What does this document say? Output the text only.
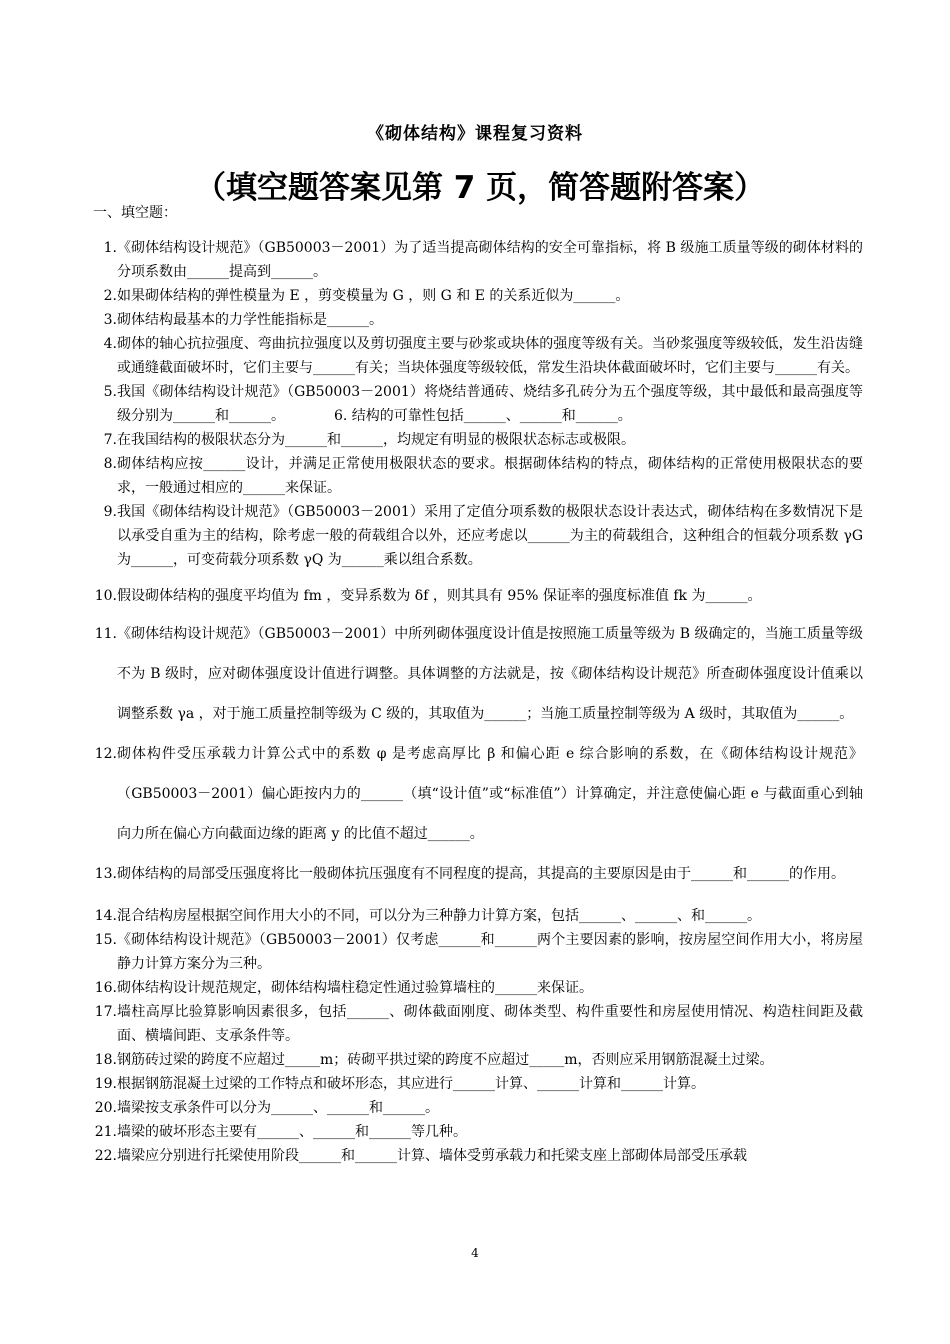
《砌体结构》课程复习资料
（填空题答案见第 7 页，简答题附答案）
一、填空题：
1. 《砌体结构设计规范》（GB50003－2001）为了适当提高砌体结构的安全可靠指标，将 B 级施工质量等级的砌体材料的分项系数由______提高到______。
2. 如果砌体结构的弹性模量为 E ，剪变模量为 G ，则 G 和 E 的关系近似为______。
3. 砌体结构最基本的力学性能指标是______。
4. 砌体的轴心抗拉强度、弯曲抗拉强度以及剪切强度主要与砂浆或块体的强度等级有关。当砂浆强度等级较低，发生沿齿缝或通缝截面破坏时，它们主要与______有关；当块体强度等级较低，常发生沿块体截面破坏时，它们主要与______有关。
5. 我国《砌体结构设计规范》（GB50003－2001）将烧结普通砖、烧结多孔砖分为五个强度等级，其中最低和最高强度等级分别为______和______。　　　　6. 结构的可靠性包括______、______和______。
7. 在我国结构的极限状态分为______和______，均规定有明显的极限状态标志或极限。
8. 砌体结构应按______设计，并满足正常使用极限状态的要求。根据砌体结构的特点，砌体结构的正常使用极限状态的要求，一般通过相应的______来保证。
9. 我国《砌体结构设计规范》（GB50003－2001）采用了定值分项系数的极限状态设计表达式，砌体结构在多数情况下是以承受自重为主的结构，除考虑一般的荷载组合以外，还应考虑以______为主的荷载组合，这种组合的恒载分项系数 γG 为______，可变荷载分项系数 γQ 为______乘以组合系数。
10. 假设砌体结构的强度平均值为 fm ，变异系数为 δf ，则其具有 95% 保证率的强度标准值 fk 为______。
11. 《砌体结构设计规范》（GB50003－2001）中所列砌体强度设计值是按照施工质量等级为 B 级确定的，当施工质量等级不为 B 级时，应对砌体强度设计值进行调整。具体调整的方法就是，按《砌体结构设计规范》所查砌体强度设计值乘以调整系数 γa ，对于施工质量控制等级为 C 级的，其取值为______；当施工质量控制等级为 A 级时，其取值为______。
12. 砌体构件受压承载力计算公式中的系数 φ 是考虑高厚比 β 和偏心距 e 综合影响的系数，在《砌体结构设计规范》（GB50003－2001）偏心距按内力的______（填“设计值”或“标准值”）计算确定，并注意使偏心距 e 与截面重心到轴向力所在偏心方向截面边缘的距离 y 的比值不超过______。
13. 砌体结构的局部受压强度将比一般砌体抗压强度有不同程度的提高，其提高的主要原因是由于______和______的作用。
14. 混合结构房屋根据空间作用大小的不同，可以分为三种静力计算方案，包括______、______、和______。
15. 《砌体结构设计规范》（GB50003－2001）仅考虑______和______两个主要因素的影响，按房屋空间作用大小，将房屋静力计算方案分为三种。
16. 砌体结构设计规范规定，砌体结构墙柱稳定性通过验算墙柱的______来保证。
17. 墙柱高厚比验算影响因素很多，包括______、砌体截面刚度、砌体类型、构件重要性和房屋使用情况、构造柱间距及截面、横墙间距、支承条件等。
18. 钢筋砖过梁的跨度不应超过_____m；砖砌平拱过梁的跨度不应超过_____m，否则应采用钢筋混凝土过梁。
19. 根据钢筋混凝土过梁的工作特点和破坏形态，其应进行______计算、______计算和______计算。
20. 墙梁按支承条件可以分为______、______和______。
21. 墙梁的破坏形态主要有______、______和______等几种。
22. 墙梁应分别进行托梁使用阶段______和______计算、墙体受剪承载力和托梁支座上部砌体局部受压承载
4
